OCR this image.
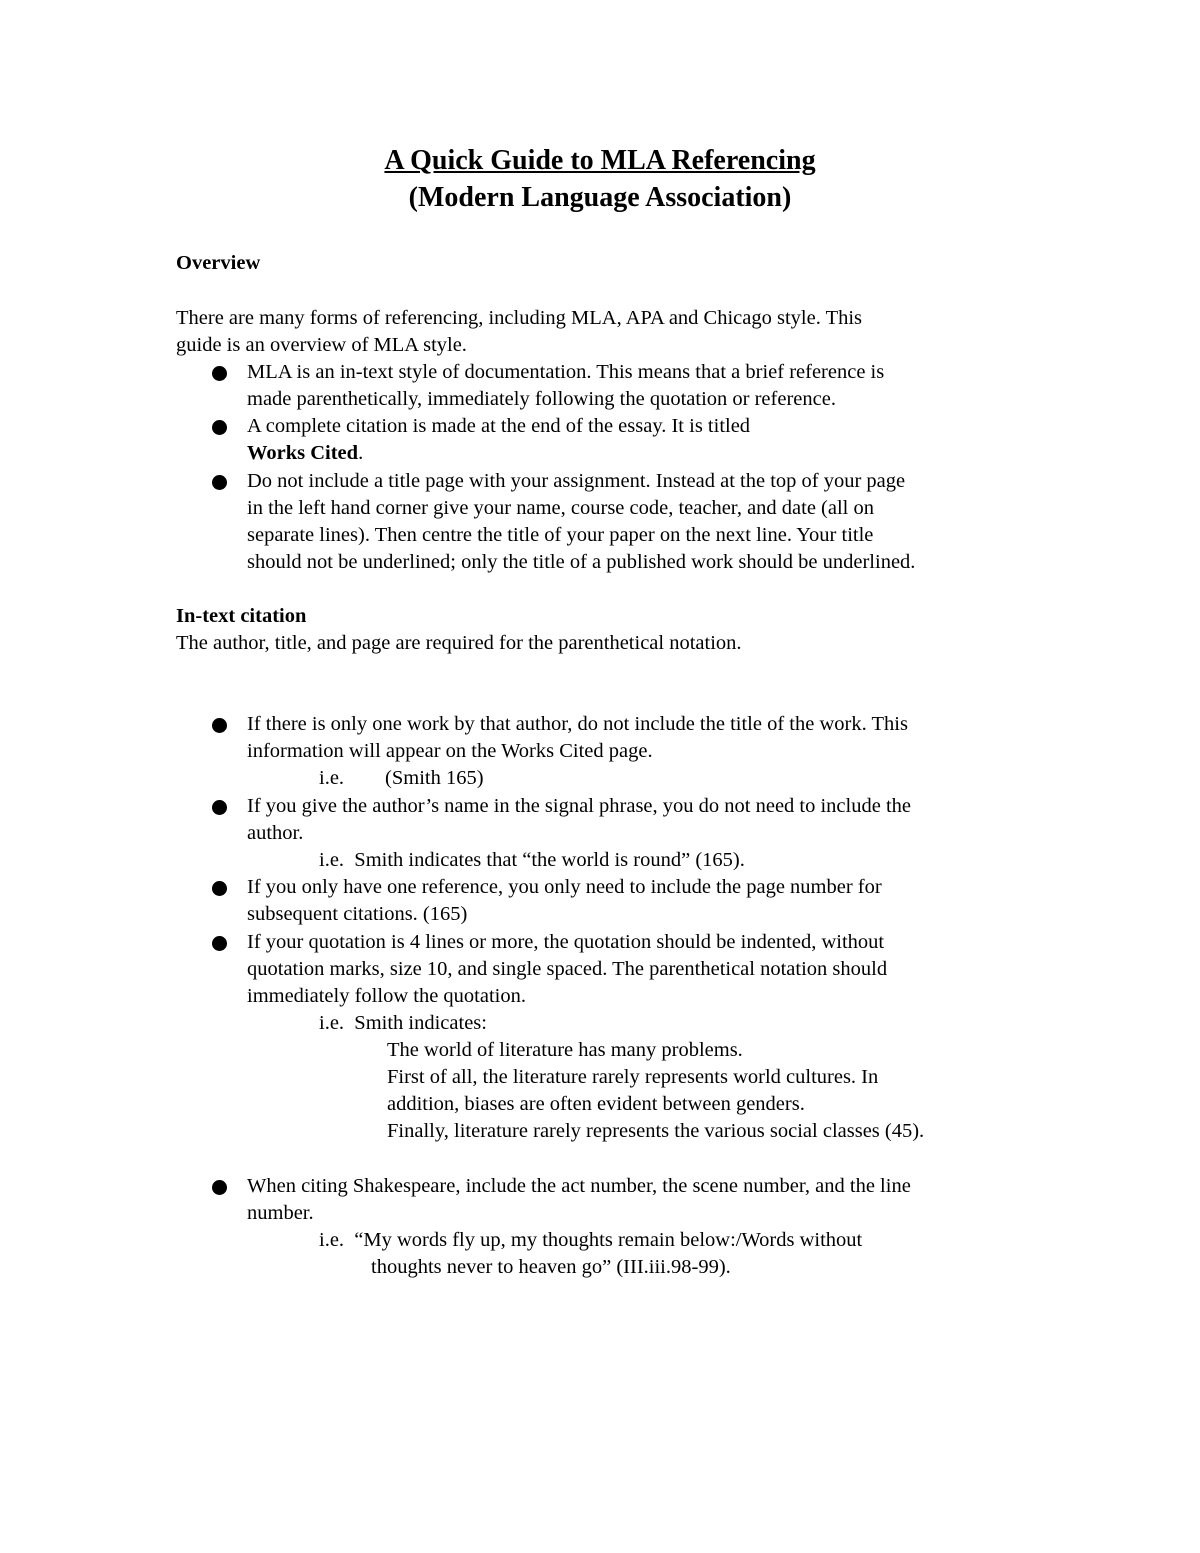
A Quick Guide to MLA Referencing
(Modern Language Association)
Overview
There are many forms of referencing, including MLA, APA and Chicago style. This
guide is an overview of MLA style.
MLA is an in-text style of documentation. This means that a brief reference is
made parenthetically, immediately following the quotation or reference.
A complete citation is made at the end of the essay. It is titled
Works Cited.
Do not include a title page with your assignment. Instead at the top of your page
in the left hand corner give your name, course code, teacher, and date (all on
separate lines). Then centre the title of your paper on the next line. Your title
should not be underlined; only the title of a published work should be underlined.
In-text citation
The author, title, and page are required for the parenthetical notation.
If there is only one work by that author, do not include the title of the work. This
information will appear on the Works Cited page.
i.e.        (Smith 165)
If you give the author’s name in the signal phrase, you do not need to include the
author.
i.e.  Smith indicates that “the world is round” (165).
If you only have one reference, you only need to include the page number for
subsequent citations. (165)
If your quotation is 4 lines or more, the quotation should be indented, without
quotation marks, size 10, and single spaced. The parenthetical notation should
immediately follow the quotation.
i.e.  Smith indicates:
The world of literature has many problems.
First of all, the literature rarely represents world cultures. In
addition, biases are often evident between genders.
Finally, literature rarely represents the various social classes (45).
When citing Shakespeare, include the act number, the scene number, and the line
number.
i.e.  “My words fly up, my thoughts remain below:/Words without
thoughts never to heaven go” (III.iii.98-99).
